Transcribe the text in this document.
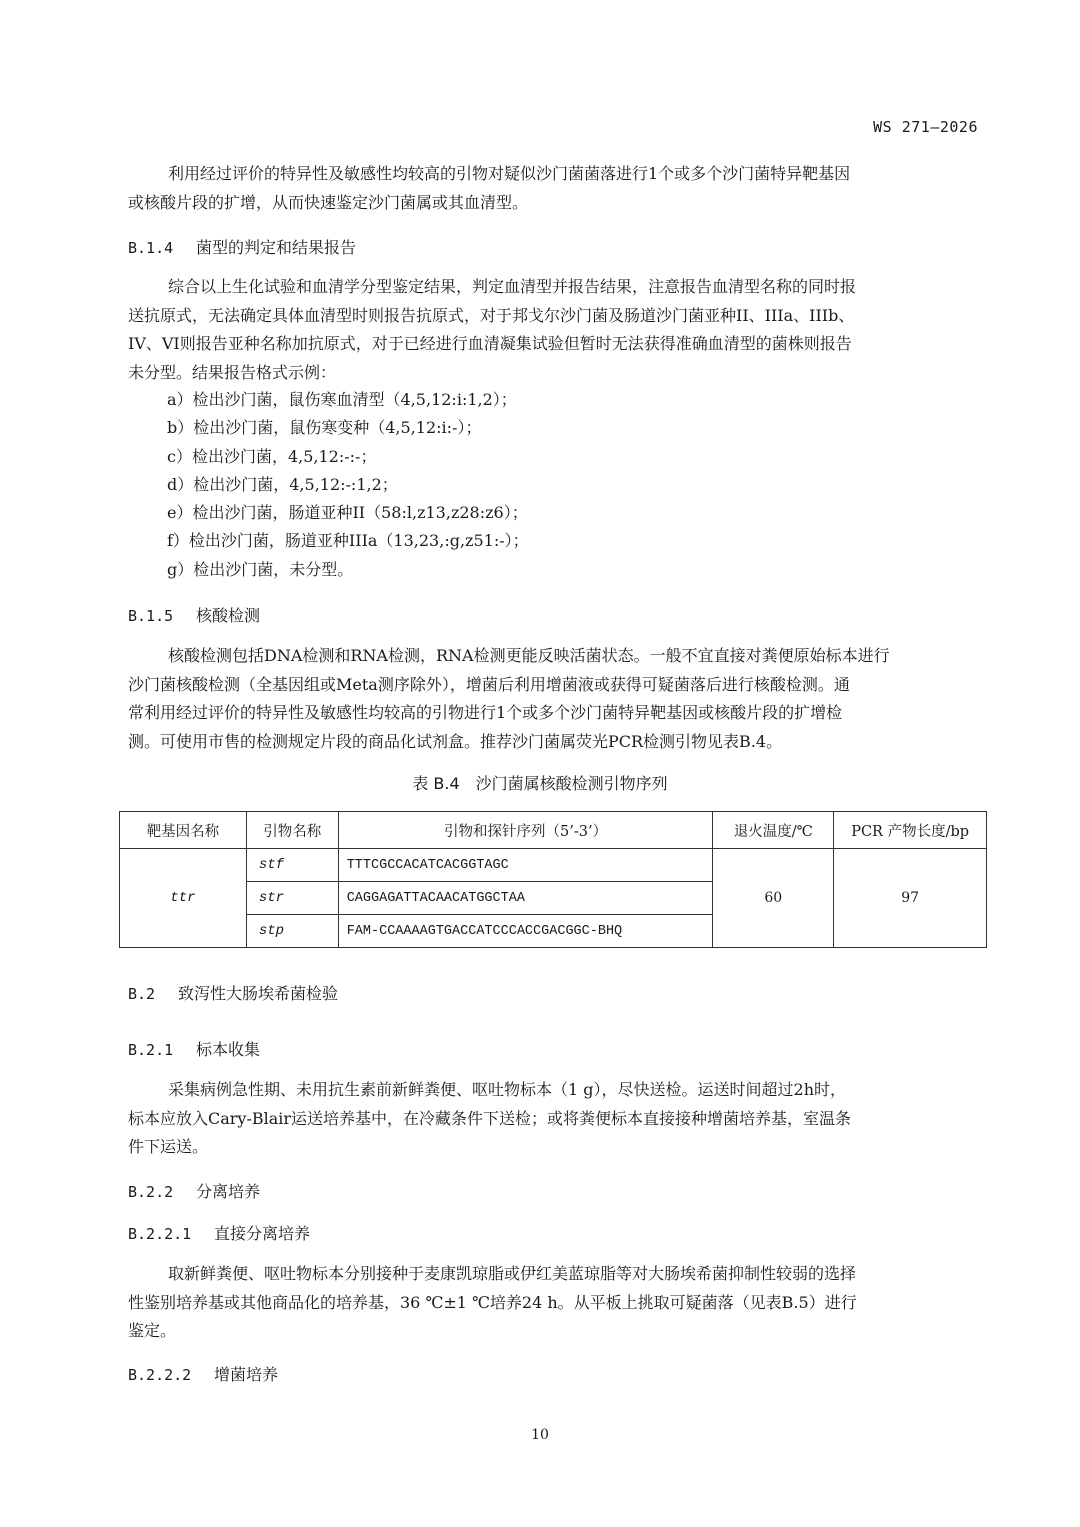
WS 271—2026

利用经过评价的特异性及敏感性均较高的引物对疑似沙门菌菌落进行1个或多个沙门菌特异靶基因
或核酸片段的扩增，从而快速鉴定沙门菌属或其血清型。

B.1.4 菌型的判定和结果报告

综合以上生化试验和血清学分型鉴定结果，判定血清型并报告结果，注意报告血清型名称的同时报
送抗原式，无法确定具体血清型时则报告抗原式，对于邦戈尔沙门菌及肠道沙门菌亚种II、IIIa、IIIb、
IV、VI则报告亚种名称加抗原式，对于已经进行血清凝集试验但暂时无法获得准确血清型的菌株则报告
未分型。结果报告格式示例：

a）检出沙门菌，鼠伤寒血清型（4,5,12:i:1,2）；
b）检出沙门菌，鼠伤寒变种（4,5,12:i:-）；
c）检出沙门菌，4,5,12:-:-；
d）检出沙门菌，4,5,12:-:1,2；
e）检出沙门菌，肠道亚种II（58:l,z13,z28:z6）；
f）检出沙门菌，肠道亚种IIIa（13,23,:g,z51:-）；
g）检出沙门菌，未分型。
B.1.5 核酸检测

核酸检测包括DNA检测和RNA检测，RNA检测更能反映活菌状态。一般不宜直接对粪便原始标本进行
沙门菌核酸检测（全基因组或Meta测序除外），增菌后利用增菌液或获得可疑菌落后进行核酸检测。通
常利用经过评价的特异性及敏感性均较高的引物进行1个或多个沙门菌特异靶基因或核酸片段的扩增检
测。可使用市售的检测规定片段的商品化试剂盒。推荐沙门菌属荧光PCR检测引物见表B.4。

表 B.4　沙门菌属核酸检测引物序列
靶基因名称	引物名称	引物和探针序列（5’-3’）	退火温度/℃	PCR 产物长度/bp
ttr	stf	TTTCGCCACATCACGGTAGC	60	97
	str	CAGGAGATTACAACATGGCTAA		
	stp	FAM-CCAAAAGTGACCATCCCACCGACGGC-BHQ		
B.2 致泻性大肠埃希菌检验
B.2.1 标本收集

采集病例急性期、未用抗生素前新鲜粪便、呕吐物标本（1 g），尽快送检。运送时间超过2h时，
标本应放入Cary-Blair运送培养基中，在冷藏条件下送检；或将粪便标本直接接种增菌培养基，室温条
件下运送。

B.2.2 分离培养
B.2.2.1 直接分离培养

取新鲜粪便、呕吐物标本分别接种于麦康凯琼脂或伊红美蓝琼脂等对大肠埃希菌抑制性较弱的选择
性鉴别培养基或其他商品化的培养基，36 ℃±1 ℃培养24 h。从平板上挑取可疑菌落（见表B.5）进行
鉴定。

B.2.2.2 增菌培养
10
